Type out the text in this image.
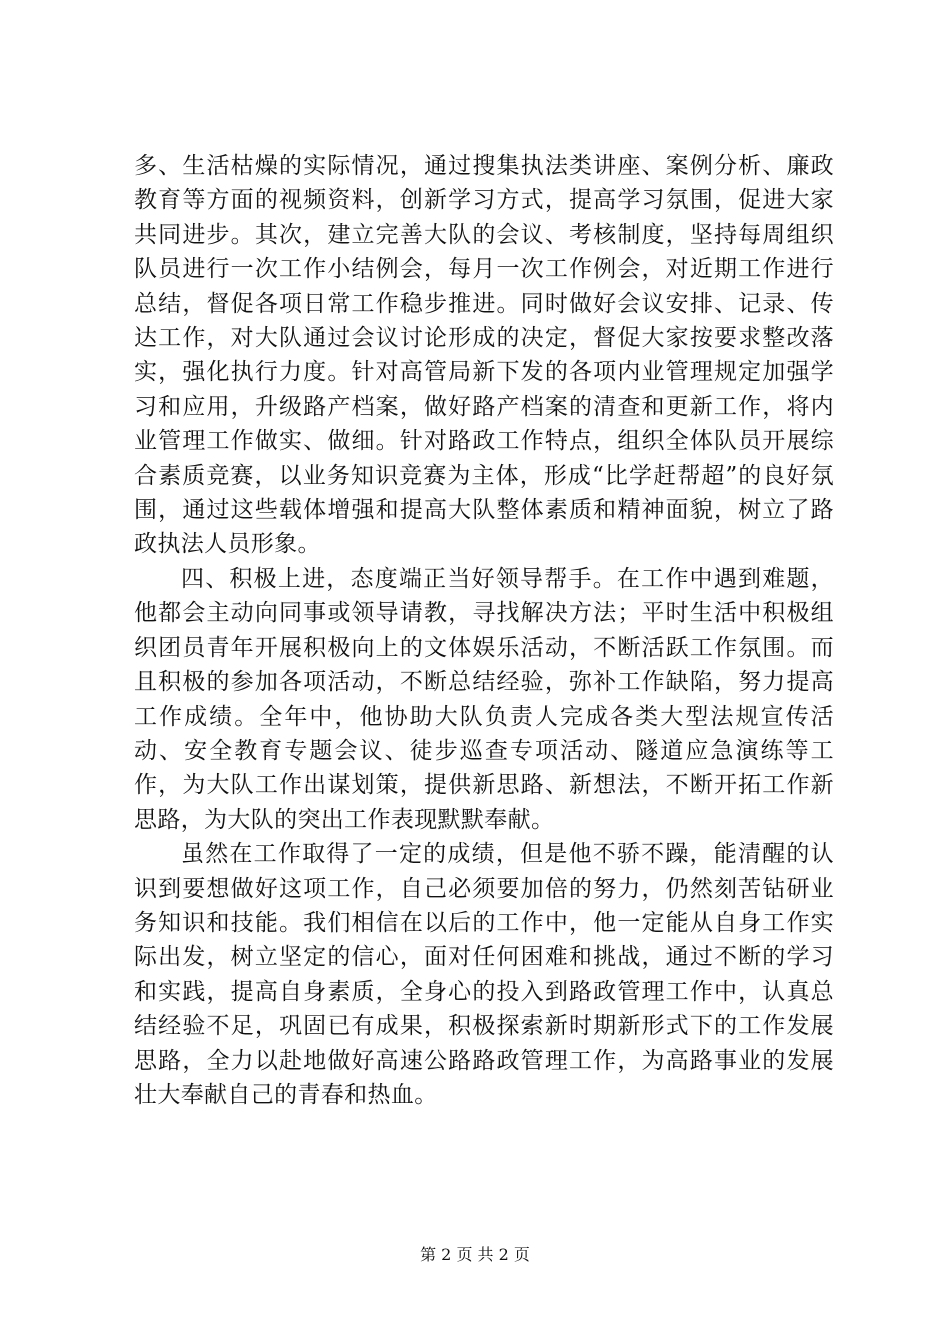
多、生活枯燥的实际情况，通过搜集执法类讲座、案例分析、廉政教育等方面的视频资料，创新学习方式，提高学习氛围，促进大家共同进步。其次，建立完善大队的会议、考核制度，坚持每周组织队员进行一次工作小结例会，每月一次工作例会，对近期工作进行总结，督促各项日常工作稳步推进。同时做好会议安排、记录、传达工作，对大队通过会议讨论形成的决定，督促大家按要求整改落实，强化执行力度。针对高管局新下发的各项内业管理规定加强学习和应用，升级路产档案，做好路产档案的清查和更新工作，将内业管理工作做实、做细。针对路政工作特点，组织全体队员开展综合素质竞赛，以业务知识竞赛为主体，形成“比学赶帮超”的良好氛围，通过这些载体增强和提高大队整体素质和精神面貌，树立了路政执法人员形象。

四、积极上进，态度端正当好领导帮手。在工作中遇到难题，他都会主动向同事或领导请教，寻找解决方法；平时生活中积极组织团员青年开展积极向上的文体娱乐活动，不断活跃工作氛围。而且积极的参加各项活动，不断总结经验，弥补工作缺陷，努力提高工作成绩。全年中，他协助大队负责人完成各类大型法规宣传活动、安全教育专题会议、徒步巡查专项活动、隧道应急演练等工作，为大队工作出谋划策，提供新思路、新想法，不断开拓工作新思路，为大队的突出工作表现默默奉献。

虽然在工作取得了一定的成绩，但是他不骄不躁，能清醒的认识到要想做好这项工作，自己必须要加倍的努力，仍然刻苦钻研业务知识和技能。我们相信在以后的工作中，他一定能从自身工作实际出发，树立坚定的信心，面对任何困难和挑战，通过不断的学习和实践，提高自身素质，全身心的投入到路政管理工作中，认真总结经验不足，巩固已有成果，积极探索新时期新形式下的工作发展思路，全力以赴地做好高速公路路政管理工作，为高路事业的发展壮大奉献自己的青春和热血。

第 2 页 共 2 页
